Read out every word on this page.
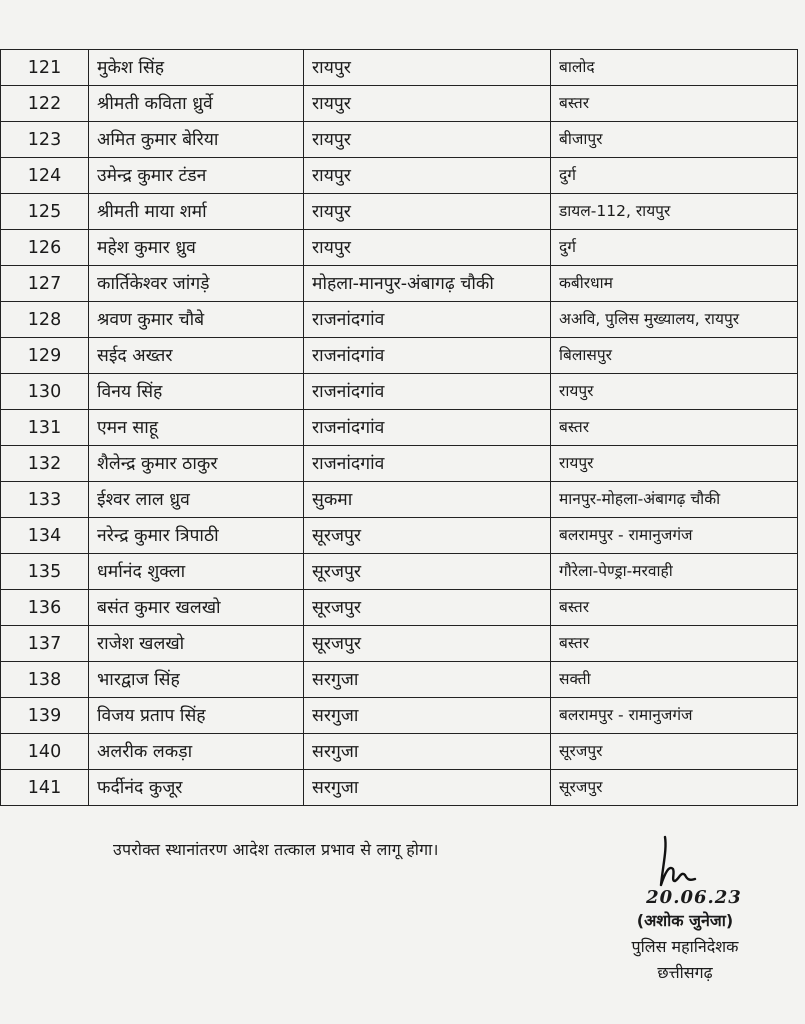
121	मुकेश सिंह	रायपुर	बालोद
122	श्रीमती कविता ध्रुर्वे	रायपुर	बस्तर
123	अमित कुमार बेरिया	रायपुर	बीजापुर
124	उमेन्द्र कुमार टंडन	रायपुर	दुर्ग
125	श्रीमती माया शर्मा	रायपुर	डायल-112, रायपुर
126	महेश कुमार ध्रुव	रायपुर	दुर्ग
127	कार्तिकेश्वर जांगड़े	मोहला-मानपुर-अंबागढ़ चौकी	कबीरधाम
128	श्रवण कुमार चौबे	राजनांदगांव	अअवि, पुलिस मुख्यालय, रायपुर
129	सईद अख्तर	राजनांदगांव	बिलासपुर
130	विनय सिंह	राजनांदगांव	रायपुर
131	एमन साहू	राजनांदगांव	बस्तर
132	शैलेन्द्र कुमार ठाकुर	राजनांदगांव	रायपुर
133	ईश्वर लाल ध्रुव	सुकमा	मानपुर-मोहला-अंबागढ़ चौकी
134	नरेन्द्र कुमार त्रिपाठी	सूरजपुर	बलरामपुर - रामानुजगंज
135	धर्मानंद शुक्ला	सूरजपुर	गौरेला-पेण्ड्रा-मरवाही
136	बसंत कुमार खलखो	सूरजपुर	बस्तर
137	राजेश खलखो	सूरजपुर	बस्तर
138	भारद्वाज सिंह	सरगुजा	सक्ती
139	विजय प्रताप सिंह	सरगुजा	बलरामपुर - रामानुजगंज
140	अलरीक लकड़ा	सरगुजा	सूरजपुर
141	फर्दीनंद कुजूर	सरगुजा	सूरजपुर
उपरोक्त स्थानांतरण आदेश तत्काल प्रभाव से लागू होगा।
20.06.23
(अशोक जुनेजा)
पुलिस महानिदेशक
छत्तीसगढ़
